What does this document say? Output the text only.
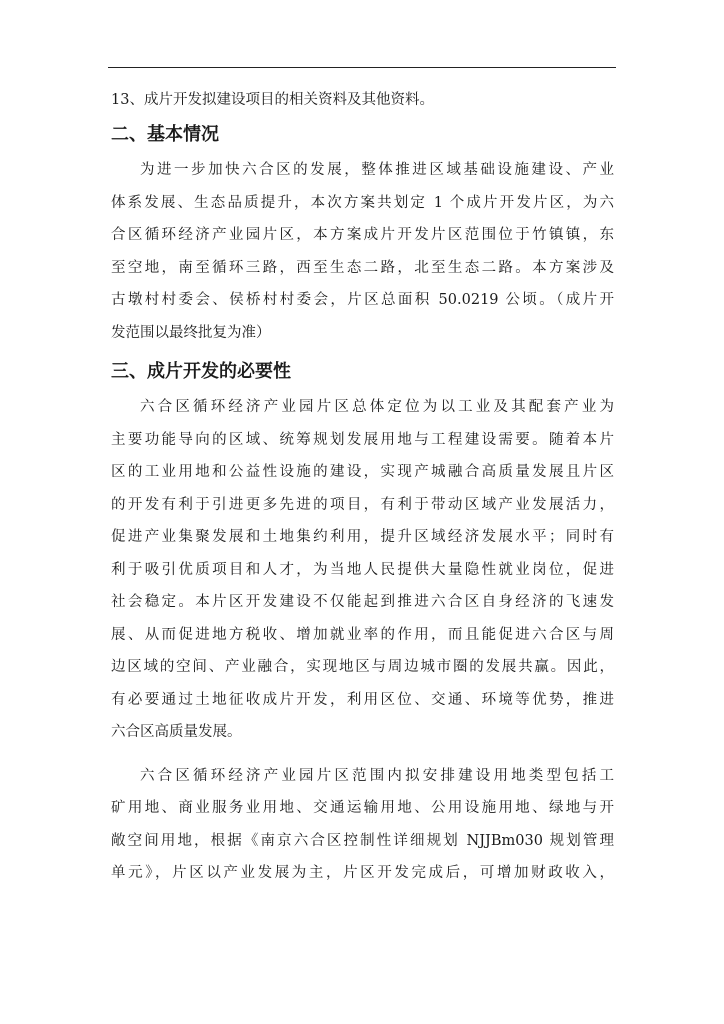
13、成片开发拟建设项目的相关资料及其他资料。

二、基本情况

为进一步加快六合区的发展，整体推进区域基础设施建设、产业

体系发展、生态品质提升，本次方案共划定 1 个成片开发片区，为六

合区循环经济产业园片区，本方案成片开发片区范围位于竹镇镇，东

至空地，南至循环三路，西至生态二路，北至生态二路。本方案涉及

古墩村村委会、侯桥村村委会，片区总面积 50.0219 公顷。（成片开

发范围以最终批复为准）

三、成片开发的必要性

六合区循环经济产业园片区总体定位为以工业及其配套产业为

主要功能导向的区域、统筹规划发展用地与工程建设需要。随着本片

区的工业用地和公益性设施的建设，实现产城融合高质量发展且片区

的开发有利于引进更多先进的项目，有利于带动区域产业发展活力，

促进产业集聚发展和土地集约利用，提升区域经济发展水平；同时有

利于吸引优质项目和人才，为当地人民提供大量隐性就业岗位，促进

社会稳定。本片区开发建设不仅能起到推进六合区自身经济的飞速发

展、从而促进地方税收、增加就业率的作用，而且能促进六合区与周

边区域的空间、产业融合，实现地区与周边城市圈的发展共赢。因此，

有必要通过土地征收成片开发，利用区位、交通、环境等优势，推进

六合区高质量发展。

六合区循环经济产业园片区范围内拟安排建设用地类型包括工

矿用地、商业服务业用地、交通运输用地、公用设施用地、绿地与开

敞空间用地，根据《南京六合区控制性详细规划 NJJBm030 规划管理

单元》，片区以产业发展为主，片区开发完成后，可增加财政收入，
